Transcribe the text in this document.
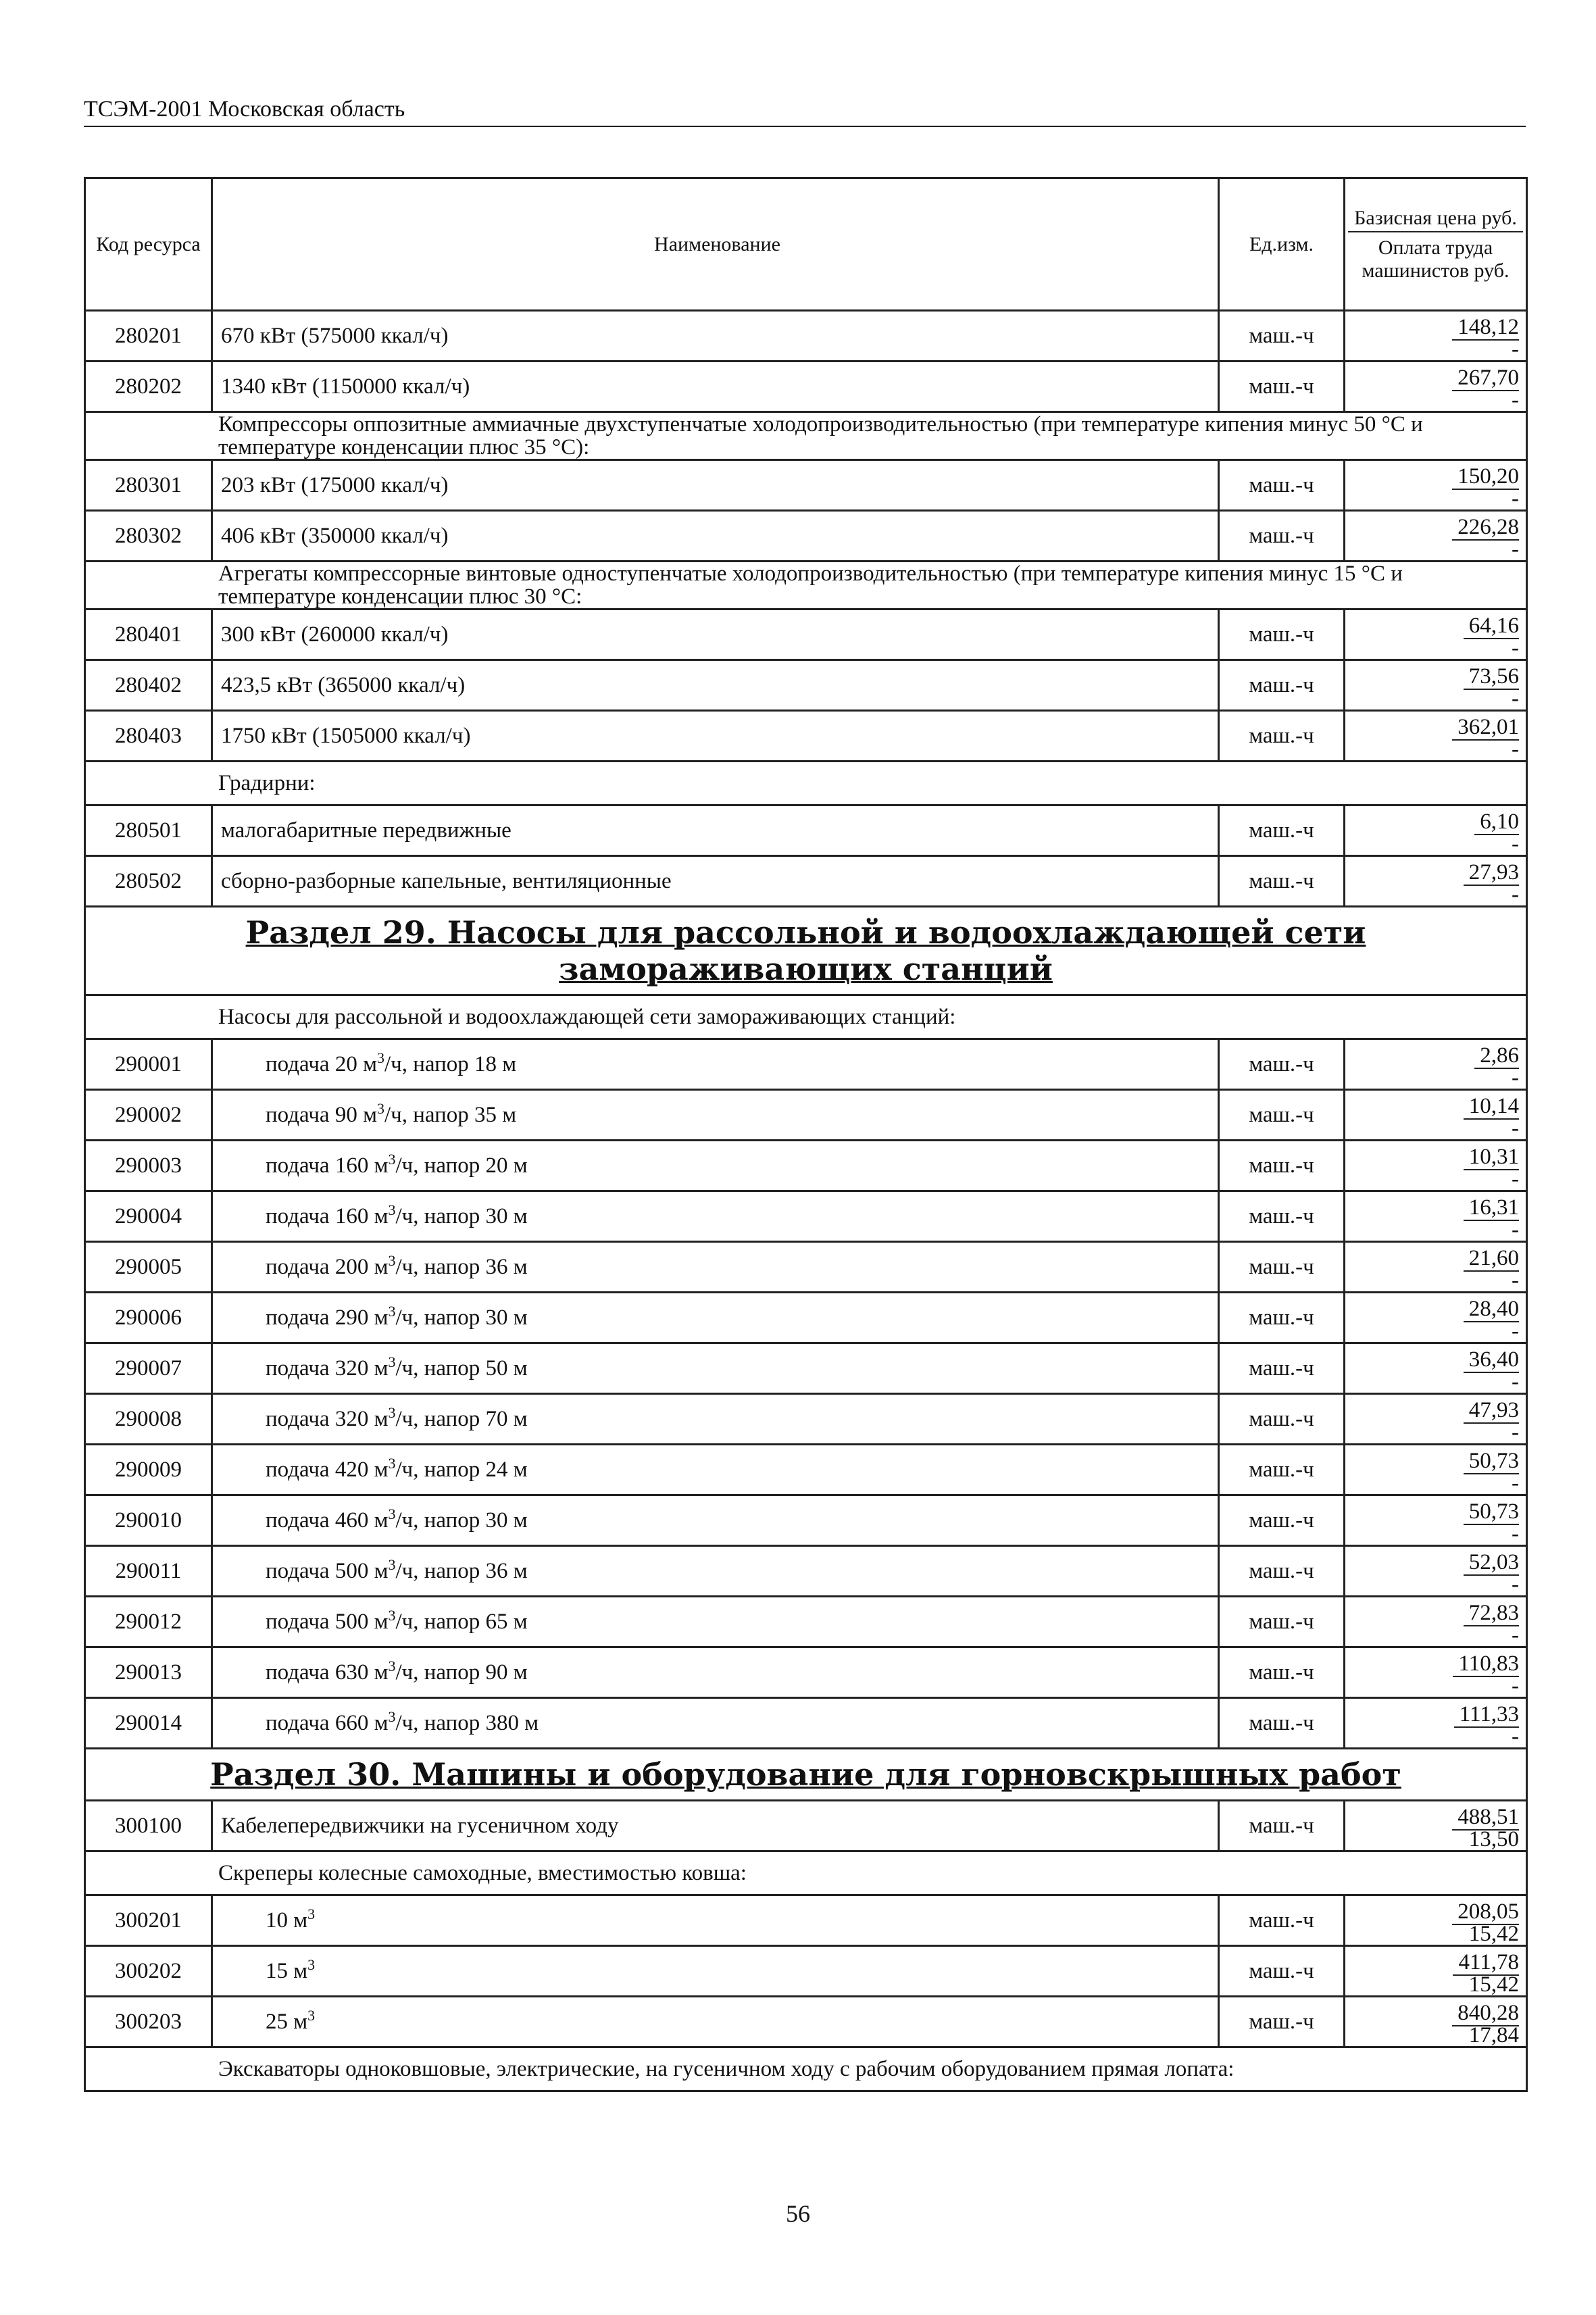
ТСЭМ-2001 Московская область
Код ресурса	Наименование	Ед.изм.	Базисная цена руб.
Оплата труда машинистов руб.

280201	670 кВт (575000 ккал/ч)	маш.-ч	148,12

-

280202	1340 кВт (1150000 ккал/ч)	маш.-ч	267,70

-

Компрессоры оппозитные аммиачные двухступенчатые холодопроизводительностью (при температуре кипения минус 50 °С и температуре конденсации плюс 35 °С):			

280301	203 кВт (175000 ккал/ч)	маш.-ч	150,20

-

280302	406 кВт (350000 ккал/ч)	маш.-ч	226,28

-

Агрегаты компрессорные винтовые одноступенчатые холодопроизводительностью (при температуре кипения минус 15 °С и температуре конденсации плюс 30 °С:			

280401	300 кВт (260000 ккал/ч)	маш.-ч	64,16

-

280402	423,5 кВт (365000 ккал/ч)	маш.-ч	73,56

-

280403	1750 кВт (1505000 ккал/ч)	маш.-ч	362,01

-

Градирни:			

280501	малогабаритные передвижные	маш.-ч	6,10

-

280502	сборно-разборные капельные, вентиляционные	маш.-ч	27,93

-

Раздел 29. Насосы для рассольной и водоохлаждающей сети замораживающих станций			

Насосы для рассольной и водоохлаждающей сети замораживающих станций:			

290001	подача 20 $м^3/ч$, напор 18 м	маш.-ч	2,86

-

290002	подача 90 $м^3/ч$, напор 35 м	маш.-ч	10,14

-

290003	подача 160 $м^3/ч$, напор 20 м	маш.-ч	10,31

-

290004	подача 160 $м^3/ч$, напор 30 м	маш.-ч	16,31

-

290005	подача 200 $м^3/ч$, напор 36 м	маш.-ч	21,60

-

290006	подача 290 $м^3/ч$, напор 30 м	маш.-ч	28,40

-

290007	подача 320 $м^3/ч$, напор 50 м	маш.-ч	36,40

-

290008	подача 320 $м^3/ч$, напор 70 м	маш.-ч	47,93

-

290009	подача 420 $м^3/ч$, напор 24 м	маш.-ч	50,73

-

290010	подача 460 $м^3/ч$, напор 30 м	маш.-ч	50,73

-

290011	подача 500 $м^3/ч$, напор 36 м	маш.-ч	52,03

-

290012	подача 500 $м^3/ч$, напор 65 м	маш.-ч	72,83

-

290013	подача 630 $м^3/ч$, напор 90 м	маш.-ч	110,83

-

290014	подача 660 $м^3/ч$, напор 380 м	маш.-ч	111,33

-

Раздел 30. Машины и оборудование для горновскрышных работ			
300100	Кабелепередвижчики на гусеничном ходу	маш.-ч	488,51

13,50

Скреперы колесные самоходные, вместимостью ковша:			

300201	10 $м^3$	маш.-ч	208,05

15,42

300202	15 $м^3$	маш.-ч	411,78

15,42

300203	25 $м^3$	маш.-ч	840,28

17,84

Экскаваторы одноковшовые, электрические, на гусеничном ходу с рабочим оборудованием прямая лопата:			
56
